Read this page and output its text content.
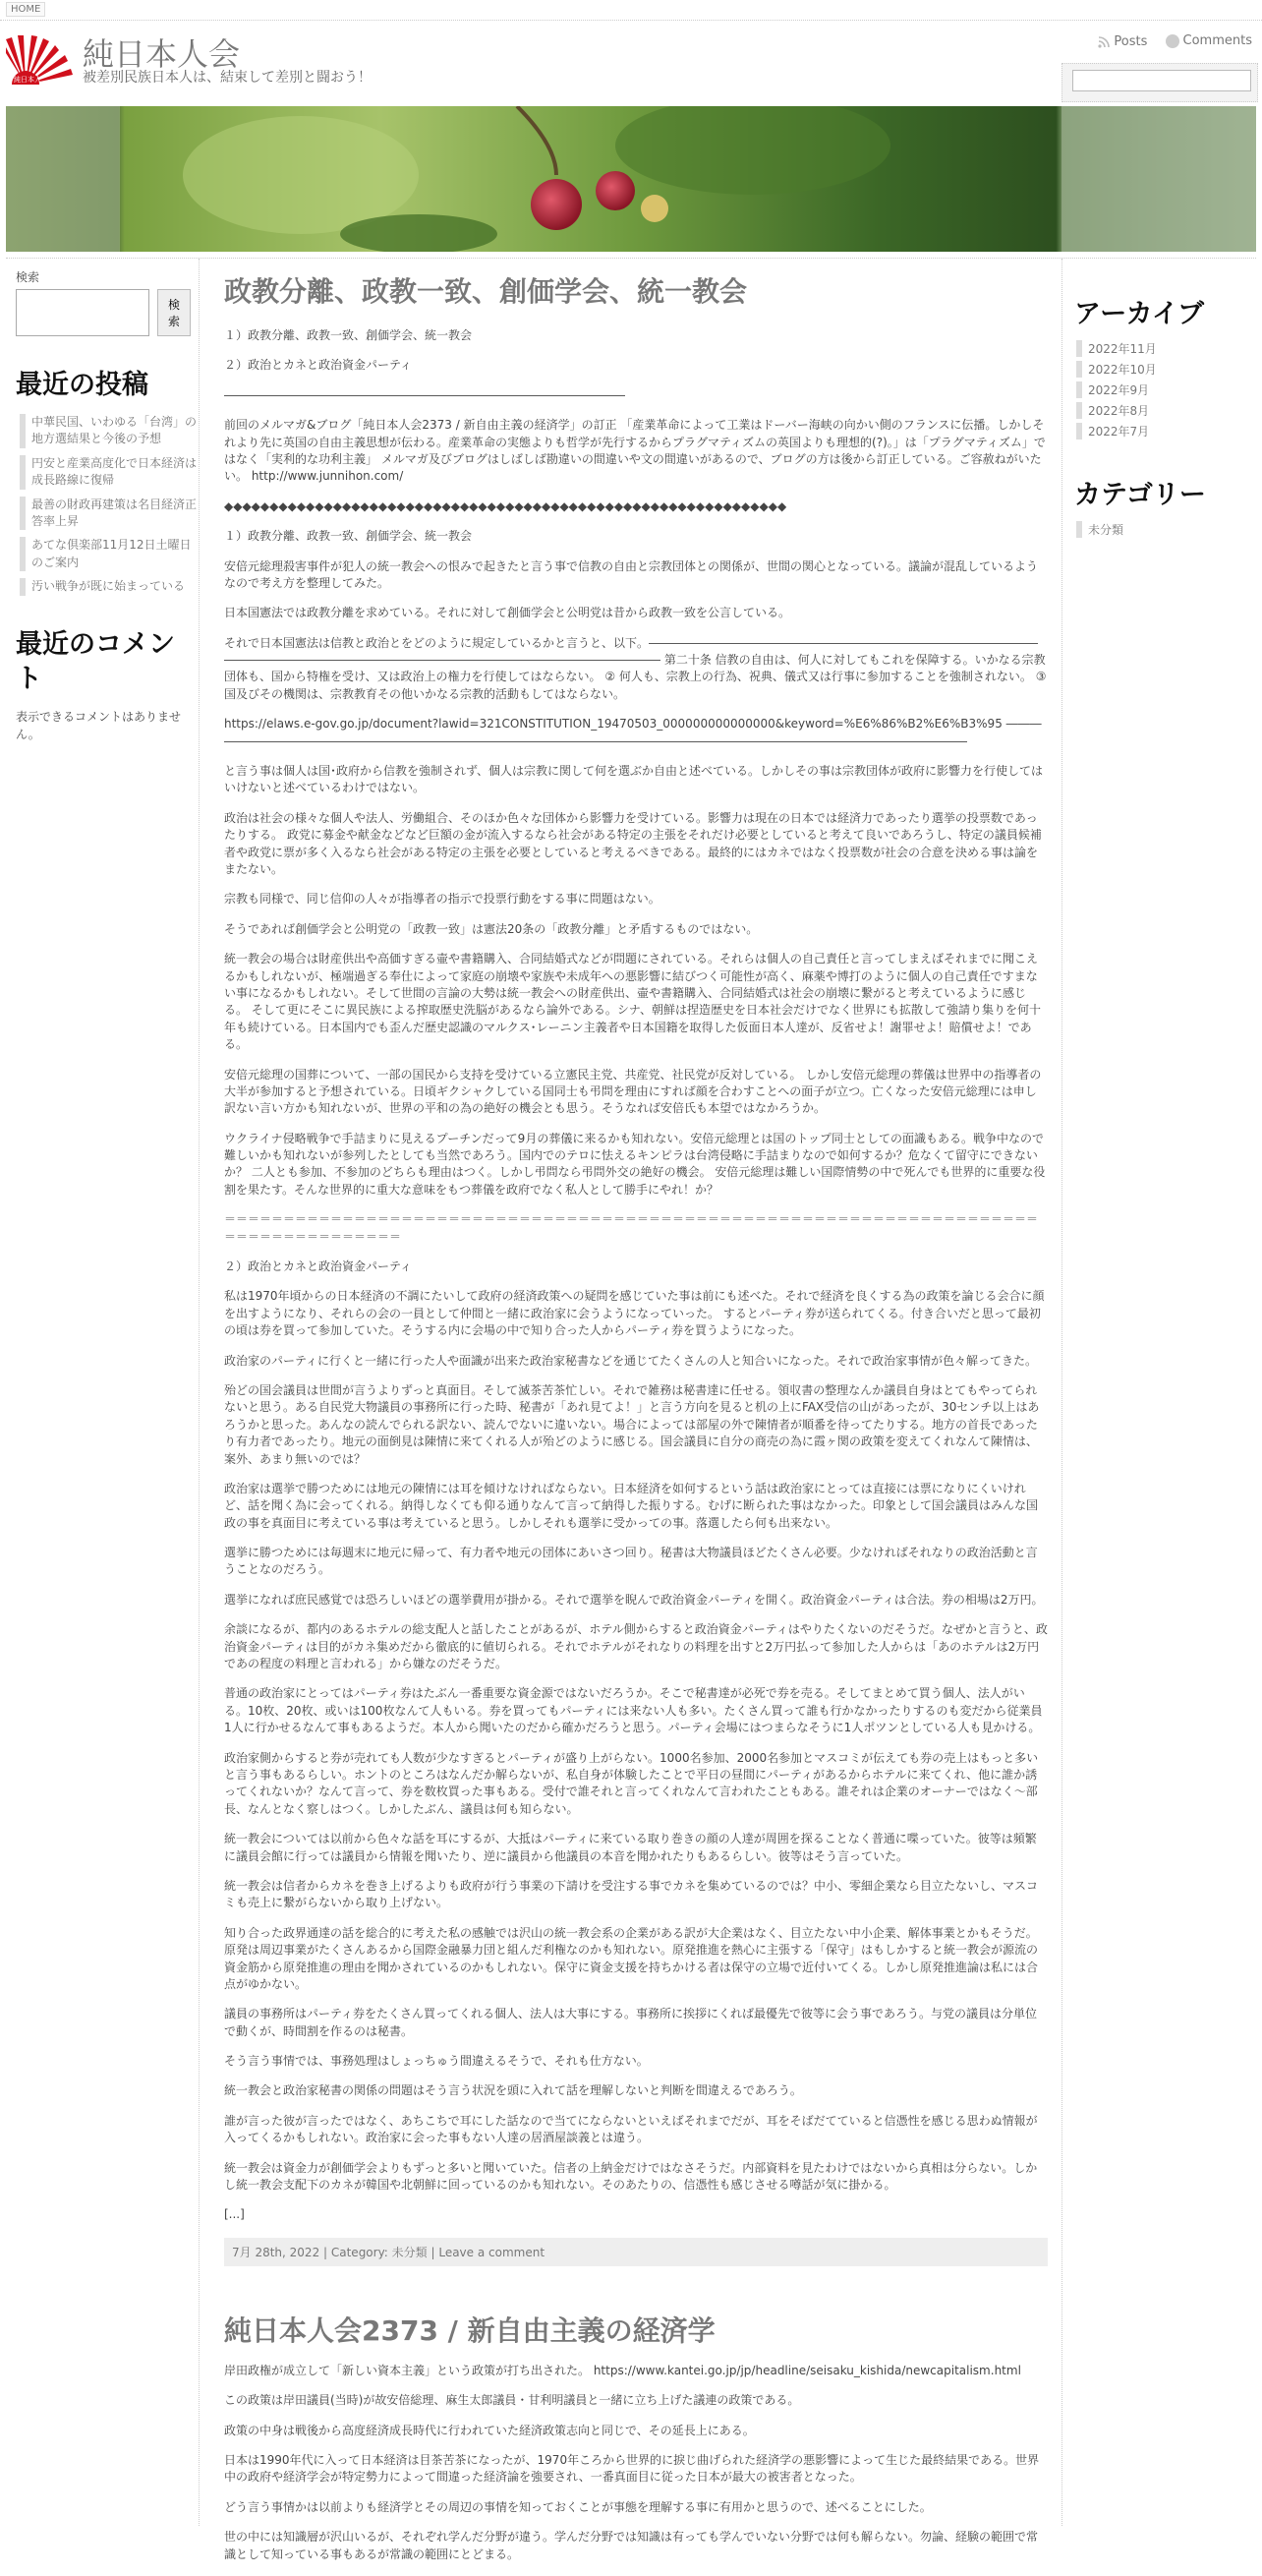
HOME
純日本人
純日本人会
被差別民族日本人は、結束して差別と闘おう！
Posts
	Comments
検索
検索
最近の投稿
中華民国、いわゆる「台湾」の地方選結果と今後の予想
円安と産業高度化で日本経済は成長路線に復帰
最善の財政再建策は名目経済正答率上昇
あてな倶楽部11月12日土曜日のご案内
汚い戦争が既に始まっている
最近のコメント
表示できるコメントはありません。
政教分離、政教一致、創価学会、統一教会

１）政教分離、政教一致、創価学会、統一教会

２）政治とカネと政治資金パーティ

――――――――――――――――――――――――――――――――――

前回のメルマガ&ブログ「純日本人会2373 / 新自由主義の経済学」の訂正 「産業革命によって工業はドーバー海峡の向かい側のフランスに伝播。しかしそれより先に英国の自由主義思想が伝わる。産業革命の実態よりも哲学が先行するからプラグマティズムの英国よりも理想的(?)。」は「プラグマティズム」ではなく「実利的な功利主義」 メルマガ及びブログはしばしば勘違いの間違いや文の間違いがあるので、ブログの方は後から訂正している。ご容赦ねがいたい。 http://www.junnihon.com/

◆◆◆◆◆◆◆◆◆◆◆◆◆◆◆◆◆◆◆◆◆◆◆◆◆◆◆◆◆◆◆◆◆◆◆◆◆◆◆◆◆◆◆◆◆◆◆◆◆◆◆◆◆◆◆◆◆◆◆◆◆◆

１）政教分離、政教一致、創価学会、統一教会

安倍元総理殺害事件が犯人の統一教会への恨みで起きたと言う事で信教の自由と宗教団体との関係が、世間の関心となっている。議論が混乱しているようなので考え方を整理してみた。

日本国憲法では政教分離を求めている。それに対して創価学会と公明党は昔から政教一致を公言している。

それで日本国憲法は信教と政治とをどのように規定しているかと言うと、以下。―――――――――――――――――――――――――――――――――――――――――――――――――――――――――――――――――――――― 第二十条 信教の自由は、何人に対してもこれを保障する。いかなる宗教団体も、国から特権を受け、又は政治上の権力を行使してはならない。 ② 何人も、宗教上の行為、祝典、儀式又は行事に参加することを強制されない。 ③ 国及びその機関は、宗教教育その他いかなる宗教的活動もしてはならない。

https://elaws.e-gov.go.jp/document?lawid=321CONSTITUTION_19470503_000000000000000&keyword=%E6%86%B2%E6%B3%95 ――――――――――――――――――――――――――――――――――――――――――――――――――――――――――――――――――

と言う事は個人は国･政府から信教を強制されず、個人は宗教に関して何を選ぶか自由と述べている。しかしその事は宗教団体が政府に影響力を行使してはいけないと述べているわけではない。

政治は社会の様々な個人や法人、労働組合、そのほか色々な団体から影響力を受けている。影響力は現在の日本では経済力であったり選挙の投票数であったりする。 政党に募金や献金などなど巨額の金が流入するなら社会がある特定の主張をそれだけ必要としていると考えて良いであろうし、特定の議員候補者や政党に票が多く入るなら社会がある特定の主張を必要としていると考えるべきである。最終的にはカネではなく投票数が社会の合意を決める事は論をまたない。

宗教も同様で、同じ信仰の人々が指導者の指示で投票行動をする事に問題はない。

そうであれば創価学会と公明党の「政教一致」は憲法20条の「政教分離」と矛盾するものではない。

統一教会の場合は財産供出や高価すぎる壷や書籍購入、合同結婚式などが問題にされている。それらは個人の自己責任と言ってしまえばそれまでに聞こえるかもしれないが、極端過ぎる奉仕によって家庭の崩壊や家族や未成年への悪影響に結びつく可能性が高く、麻薬や博打のように個人の自己責任ですまない事になるかもしれない。そして世間の言論の大勢は統一教会への財産供出、壷や書籍購入、合同結婚式は社会の崩壊に繋がると考えているように感じる。 そして更にそこに異民族による搾取歴史洗脳があるなら論外である。シナ、朝鮮は捏造歴史を日本社会だけでなく世界にも拡散して強請り集りを何十年も続けている。日本国内でも歪んだ歴史認識のマルクス･レーニン主義者や日本国籍を取得した仮面日本人達が、反省せよ！謝罪せよ！賠償せよ！である。

安倍元総理の国葬について、一部の国民から支持を受けている立憲民主党、共産党、社民党が反対している。 しかし安倍元総理の葬儀は世界中の指導者の大半が参加すると予想されている。日頃ギクシャクしている国同士も弔問を理由にすれば顔を合わすことへの面子が立つ。亡くなった安倍元総理には申し訳ない言い方かも知れないが、世界の平和の為の絶好の機会とも思う。そうなれば安倍氏も本望ではなかろうか。

ウクライナ侵略戦争で手詰まりに見えるプーチンだって9月の葬儀に来るかも知れない。安倍元総理とは国のトップ同士としての面識もある。戦争中なので難しいかも知れないが参列したとしても当然であろう。国内でのテロに怯えるキンピラは台湾侵略に手詰まりなので如何するか？危なくて留守にできないか？ 二人とも参加、不参加のどちらも理由はつく。しかし弔問なら弔問外交の絶好の機会。 安倍元総理は難しい国際情勢の中で死んでも世界的に重要な役割を果たす。そんな世界的に重大な意味をもつ葬儀を政府でなく私人として勝手にやれ！か？

＝＝＝＝＝＝＝＝＝＝＝＝＝＝＝＝＝＝＝＝＝＝＝＝＝＝＝＝＝＝＝＝＝＝＝＝＝＝＝＝＝＝＝＝＝＝＝＝＝＝＝＝＝＝＝＝＝＝＝＝＝＝＝＝＝＝＝＝＝＝＝＝＝＝＝＝＝＝＝＝＝＝＝＝

２）政治とカネと政治資金パーティ

私は1970年頃からの日本経済の不調にたいして政府の経済政策への疑問を感じていた事は前にも述べた。それで経済を良くする為の政策を論じる会合に顔を出すようになり、それらの会の一員として仲間と一緒に政治家に会うようになっていった。 するとパーティ券が送られてくる。付き合いだと思って最初の頃は券を買って参加していた。そうする内に会場の中で知り合った人からパーティ券を買うようになった。

政治家のパーティに行くと一緒に行った人や面識が出来た政治家秘書などを通じてたくさんの人と知合いになった。それで政治家事情が色々解ってきた。

殆どの国会議員は世間が言うよりずっと真面目。そして滅茶苦茶忙しい。それで雑務は秘書達に任せる。領収書の整理なんか議員自身はとてもやってられないと思う。ある自民党大物議員の事務所に行った時、秘書が「あれ見てよ！」と言う方向を見ると机の上にFAX受信の山があったが、30センチ以上はあろうかと思った。あんなの読んでられる訳ない、読んでないに違いない。場合によっては部屋の外で陳情者が順番を待ってたりする。地方の首長であったり有力者であったり。地元の面倒見は陳情に来てくれる人が殆どのように感じる。国会議員に自分の商売の為に霞ヶ関の政策を変えてくれなんて陳情は、案外、あまり無いのでは？

政治家は選挙で勝つためには地元の陳情には耳を傾けなければならない。日本経済を如何するという話は政治家にとっては直接には票になりにくいけれど、話を聞く為に会ってくれる。納得しなくても仰る通りなんて言って納得した振りする。むげに断られた事はなかった。印象として国会議員はみんな国政の事を真面目に考えている事は考えていると思う。しかしそれも選挙に受かっての事。落選したら何も出来ない。

選挙に勝つためには毎週末に地元に帰って、有力者や地元の団体にあいさつ回り。秘書は大物議員ほどたくさん必要。少なければそれなりの政治活動と言うことなのだろう。

選挙になれば庶民感覚では恐ろしいほどの選挙費用が掛かる。それで選挙を睨んで政治資金パーティを開く。政治資金パーティは合法。券の相場は2万円。

余談になるが、都内のあるホテルの総支配人と話したことがあるが、ホテル側からすると政治資金パーティはやりたくないのだそうだ。なぜかと言うと、政治資金パーティは目的がカネ集めだから徹底的に値切られる。それでホテルがそれなりの料理を出すと2万円払って参加した人からは「あのホテルは2万円であの程度の料理と言われる」から嫌なのだそうだ。

普通の政治家にとってはパーティ券はたぶん一番重要な資金源ではないだろうか。そこで秘書達が必死で券を売る。そしてまとめて買う個人、法人がいる。10枚、20枚、或いは100枚なんて人もいる。券を買ってもパーティには来ない人も多い。たくさん買って誰も行かなかったりするのも変だから従業員1人に行かせるなんて事もあるようだ。本人から聞いたのだから確かだろうと思う。パーティ会場にはつまらなそうに1人ポツンとしている人も見かける。

政治家側からすると券が売れても人数が少なすぎるとパーティが盛り上がらない。1000名参加、2000名参加とマスコミが伝えても券の売上はもっと多いと言う事もあるらしい。ホントのところはなんだか解らないが、私自身が体験したことで平日の昼間にパーティがあるからホテルに来てくれ、他に誰か誘ってくれないか？なんて言って、券を数枚買った事もある。受付で誰それと言ってくれなんて言われたこともある。誰それは企業のオーナーではなく～部長、なんとなく察しはつく。しかしたぶん、議員は何も知らない。

統一教会については以前から色々な話を耳にするが、大抵はパーティに来ている取り巻きの顔の人達が周囲を探ることなく普通に喋っていた。彼等は頻繁に議員会館に行っては議員から情報を聞いたり、逆に議員から他議員の本音を聞かれたりもあるらしい。彼等はそう言っていた。

統一教会は信者からカネを巻き上げるよりも政府が行う事業の下請けを受注する事でカネを集めているのでは？中小、零細企業なら目立たないし、マスコミも売上に繋がらないから取り上げない。

知り合った政界通達の話を総合的に考えた私の感触では沢山の統一教会系の企業がある訳が大企業はなく、目立たない中小企業、解体事業とかもそうだ。原発は周辺事業がたくさんあるから国際金融暴力団と組んだ利権なのかも知れない。原発推進を熱心に主張する「保守」はもしかすると統一教会が源流の資金筋から原発推進の理由を聞かされているのかもしれない。保守に資金支援を持ちかける者は保守の立場で近付いてくる。しかし原発推進論は私には合点がゆかない。

議員の事務所はパーティ券をたくさん買ってくれる個人、法人は大事にする。事務所に挨拶にくれば最優先で彼等に会う事であろう。与党の議員は分単位で動くが、時間割を作るのは秘書。

そう言う事情では、事務処理はしょっちゅう間違えるそうで、それも仕方ない。

統一教会と政治家秘書の関係の問題はそう言う状況を頭に入れて話を理解しないと判断を間違えるであろう。

誰が言った彼が言ったではなく、あちこちで耳にした話なので当てにならないといえばそれまでだが、耳をそばだてていると信憑性を感じる思わぬ情報が入ってくるかもしれない。政治家に会った事もない人達の居酒屋談義とは違う。

統一教会は資金力が創価学会よりもずっと多いと聞いていた。信者の上納金だけではなさそうだ。内部資料を見たわけではないから真相は分らない。しかし統一教会支配下のカネが韓国や北朝鮮に回っているのかも知れない。そのあたりの、信憑性も感じさせる噂話が気に掛かる。

[...]

7月 28th, 2022 | Category: 未分類 | Leave a comment
純日本人会2373 / 新自由主義の経済学

岸田政権が成立して「新しい資本主義」という政策が打ち出された。 https://www.kantei.go.jp/jp/headline/seisaku_kishida/newcapitalism.html

この政策は岸田議員(当時)が故安倍総理、麻生太郎議員・甘利明議員と一緒に立ち上げた議連の政策である。

政策の中身は戦後から高度経済成長時代に行われていた経済政策志向と同じで、その延長上にある。

日本は1990年代に入って日本経済は目茶苦茶になったが、1970年ころから世界的に捩じ曲げられた経済学の悪影響によって生じた最終結果である。世界中の政府や経済学会が特定勢力によって間違った経済論を強要され、一番真面目に従った日本が最大の被害者となった。

どう言う事情かは以前よりも経済学とその周辺の事情を知っておくことが事態を理解する事に有用かと思うので、述べることにした。

世の中には知識層が沢山いるが、それぞれ学んだ分野が違う。学んだ分野では知識は有っても学んでいない分野では何も解らない。勿論、経験の範囲で常識として知っている事もあるが常識の範囲にとどまる。

アーカイブ
2022年11月
2022年10月
2022年9月
2022年8月
2022年7月
カテゴリー
未分類
